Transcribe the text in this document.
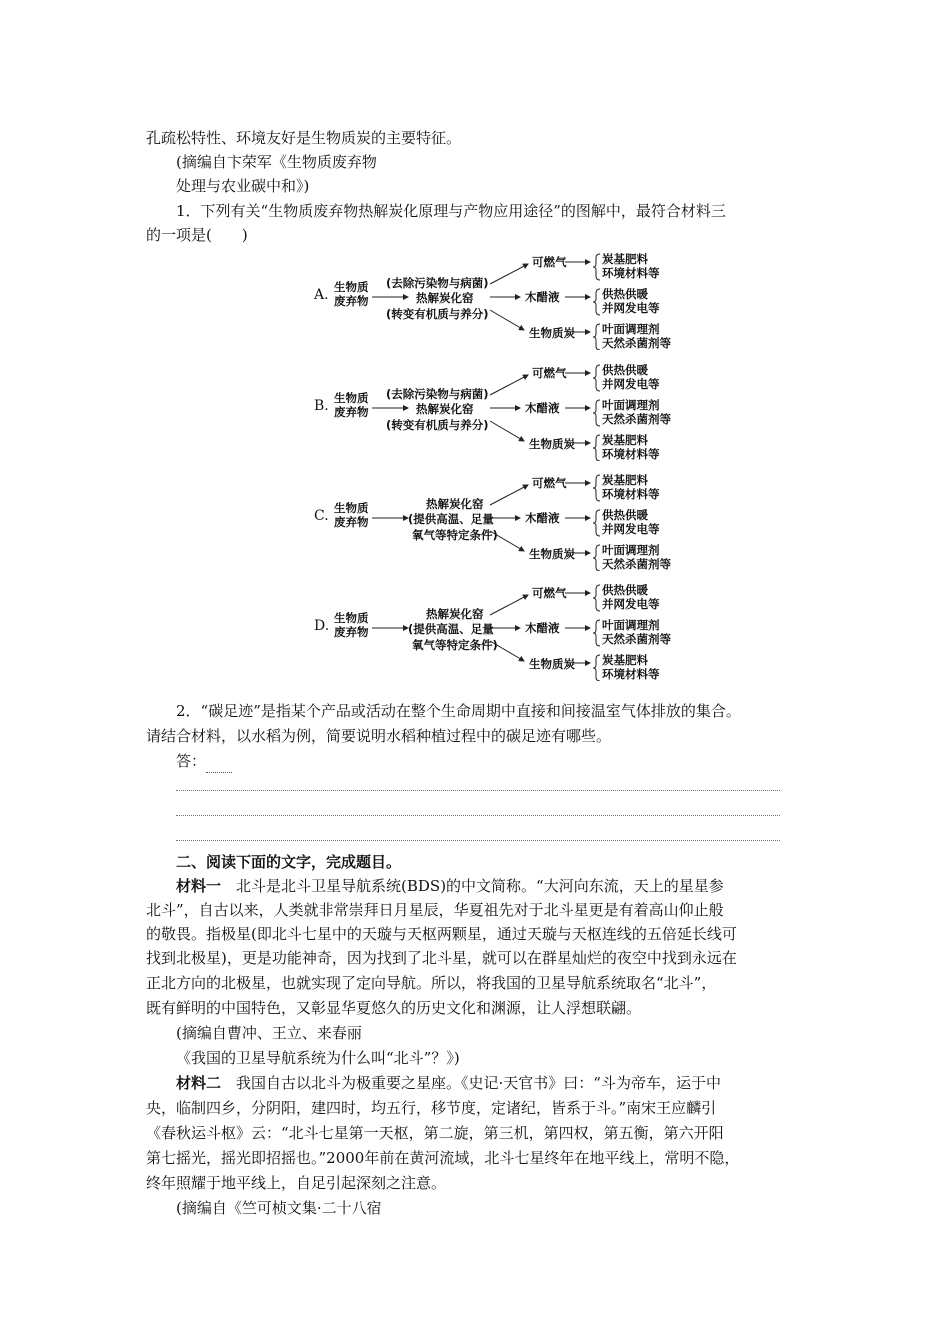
孔疏松特性、环境友好是生物质炭的主要特征。
(摘编自卞荣军《生物质废弃物
处理与农业碳中和》)
1．下列有关“生物质废弃物热解炭化原理与产物应用途径”的图解中，最符合材料三
的一项是(　　)
A. 生物质
废弃物
(去除污染物与病菌)
热解炭化窑
(转变有机质与养分)
可燃气
木醋液
生物质炭
炭基肥料
环境材料等
供热供暖
并网发电等
叶面调理剂
天然杀菌剂等
B. 生物质
废弃物
(去除污染物与病菌)
热解炭化窑
(转变有机质与养分)
可燃气
木醋液
生物质炭
供热供暖
并网发电等
叶面调理剂
天然杀菌剂等
炭基肥料
环境材料等
C. 生物质
废弃物
热解炭化窑
(提供高温、足量
氧气等特定条件)
可燃气
木醋液
生物质炭
炭基肥料
环境材料等
供热供暖
并网发电等
叶面调理剂
天然杀菌剂等
D. 生物质
废弃物
热解炭化窑
(提供高温、足量
氧气等特定条件)
可燃气
木醋液
生物质炭
供热供暖
并网发电等
叶面调理剂
天然杀菌剂等
炭基肥料
环境材料等
2．“碳足迹”是指某个产品或活动在整个生命周期中直接和间接温室气体排放的集合。
请结合材料，以水稻为例，简要说明水稻种植过程中的碳足迹有哪些。
答：
二、阅读下面的文字，完成题目。
材料一　北斗是北斗卫星导航系统(BDS)的中文简称。“大河向东流，天上的星星参
北斗”，自古以来，人类就非常崇拜日月星辰，华夏祖先对于北斗星更是有着高山仰止般
的敬畏。指极星(即北斗七星中的天璇与天枢两颗星，通过天璇与天枢连线的五倍延长线可
找到北极星)，更是功能神奇，因为找到了北斗星，就可以在群星灿烂的夜空中找到永远在
正北方向的北极星，也就实现了定向导航。所以，将我国的卫星导航系统取名“北斗”，
既有鲜明的中国特色，又彰显华夏悠久的历史文化和渊源，让人浮想联翩。
(摘编自曹冲、王立、来春丽
《我国的卫星导航系统为什么叫“北斗”？》)
材料二　我国自古以北斗为极重要之星座。《史记·天官书》曰：“斗为帝车，运于中
央，临制四乡，分阴阳，建四时，均五行，移节度，定诸纪，皆系于斗。”南宋王应麟引
《春秋运斗枢》云：“北斗七星第一天枢，第二旋，第三机，第四权，第五衡，第六开阳
第七摇光，摇光即招摇也。”2000年前在黄河流域，北斗七星终年在地平线上，常明不隐，
终年照耀于地平线上，自足引起深刻之注意。
(摘编自《竺可桢文集·二十八宿
